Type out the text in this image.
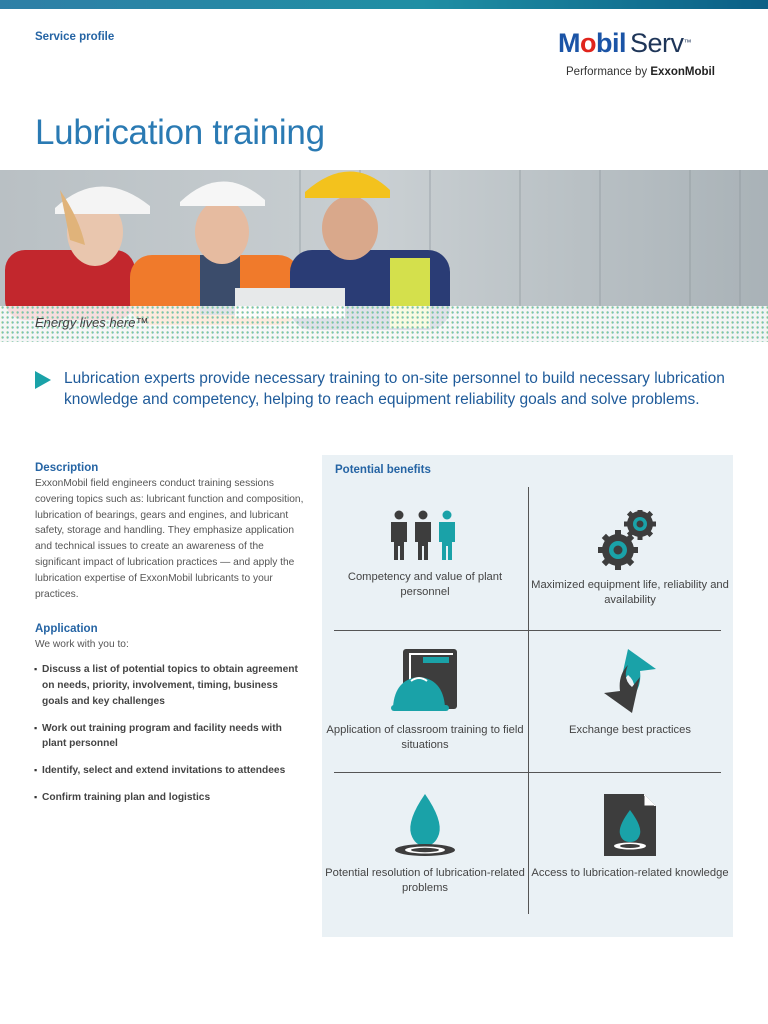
Service profile	Mobil Serv™
Performance by ExxonMobil
Lubrication training
Energy lives here™

Lubrication experts provide necessary training to on-site personnel to build necessary lubrication knowledge and competency, helping to reach equipment reliability goals and solve problems.

Description

ExxonMobil field engineers conduct training sessions covering topics such as: lubricant function and composition, lubrication of bearings, gears and engines, and lubricant safety, storage and handling. They emphasize application and technical issues to create an awareness of the significant impact of lubrication practices — and apply the lubrication expertise of ExxonMobil lubricants to your practices.

Application

We work with you to:

▪ Discuss a list of potential topics to obtain agreement on needs, priority, involvement, timing, business goals and key challenges
▪ Work out training program and facility needs with plant personnel
▪ Identify, select and extend invitations to attendees
▪ Confirm training plan and logistics
Potential benefits

Competency and value of plant personnel

Maximized equipment life, reliability and availability

Application of classroom training to field situations

Exchange best practices

Potential resolution of lubrication-related problems

Access to lubrication-related knowledge
